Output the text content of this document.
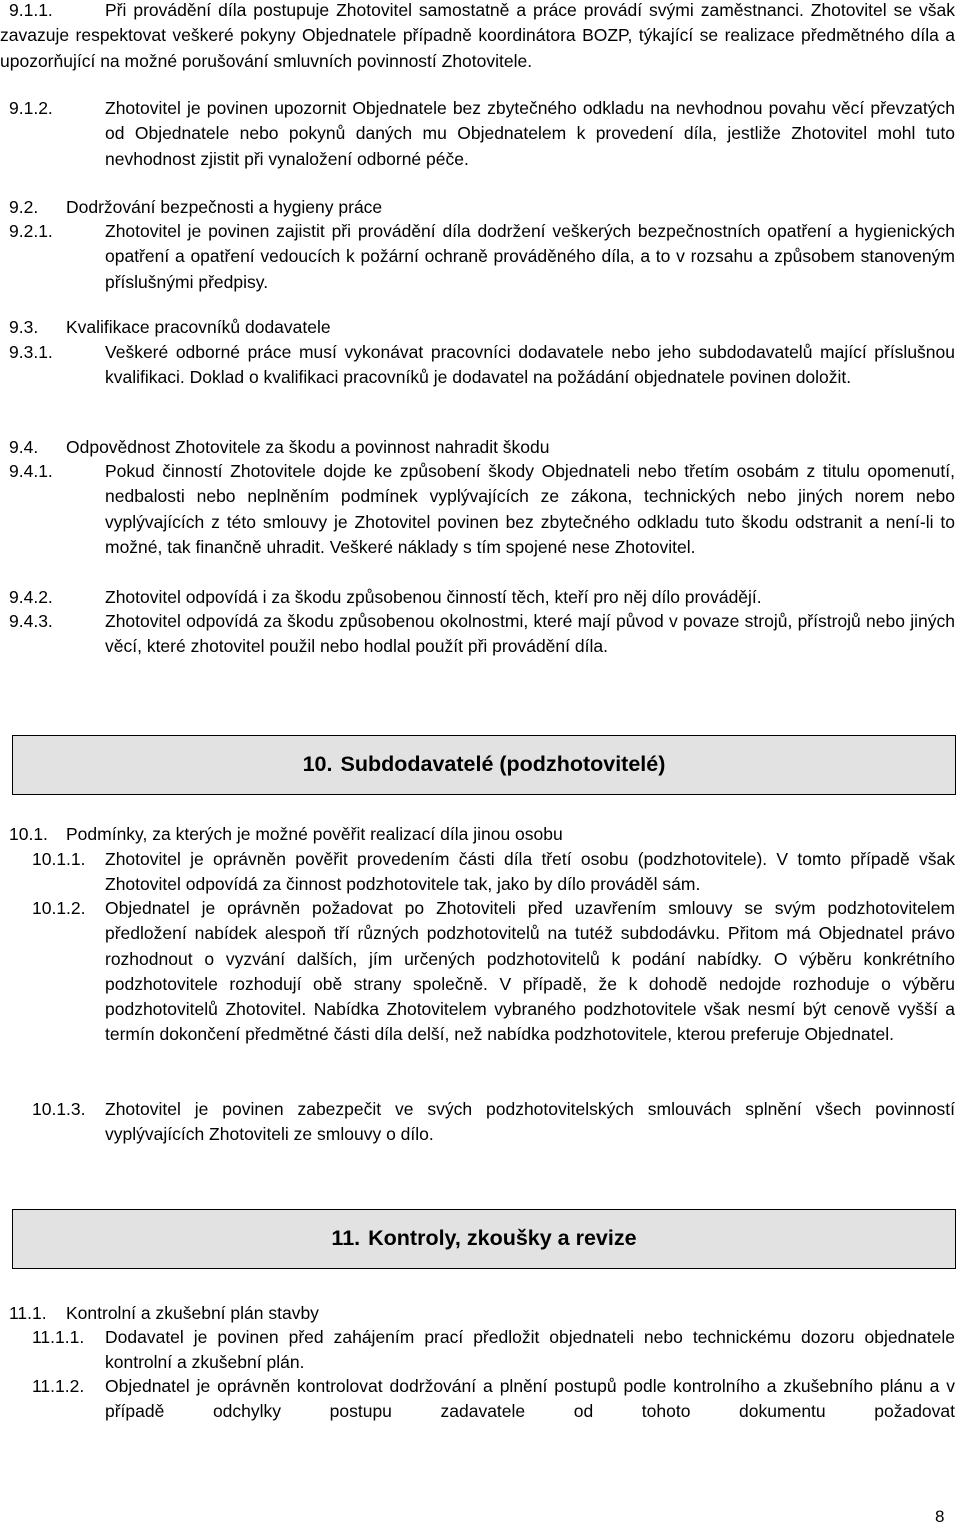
9.1.1.	Při provádění díla postupuje Zhotovitel samostatně a práce provádí svými zaměstnanci. Zhotovitel se však zavazuje respektovat veškeré pokyny Objednatele případně koordinátora BOZP, týkající se realizace předmětného díla a upozorňující na možné porušování smluvních povinností Zhotovitele.
9.1.2.	Zhotovitel je povinen upozornit Objednatele bez zbytečného odkladu na nevhodnou povahu věcí převzatých od Objednatele nebo pokynů daných mu Objednatelem k provedení díla, jestliže Zhotovitel mohl tuto nevhodnost zjistit při vynaložení odborné péče.
9.2. Dodržování bezpečnosti a hygieny práce
9.2.1.	Zhotovitel je povinen zajistit při provádění díla dodržení veškerých bezpečnostních opatření a hygienických opatření a opatření vedoucích k požární ochraně prováděného díla, a to v rozsahu a způsobem stanoveným příslušnými předpisy.
9.3. Kvalifikace pracovníků dodavatele
9.3.1.	Veškeré odborné práce musí vykonávat pracovníci dodavatele nebo jeho subdodavatelů mající příslušnou kvalifikaci. Doklad o kvalifikaci pracovníků je dodavatel na požádání objednatele povinen doložit.
9.4. Odpovědnost Zhotovitele za škodu a povinnost nahradit škodu
9.4.1.	Pokud činností Zhotovitele dojde ke způsobení škody Objednateli nebo třetím osobám z titulu opomenutí, nedbalosti nebo neplněním podmínek vyplývajících ze zákona, technických nebo jiných norem nebo vyplývajících z této smlouvy je Zhotovitel povinen bez zbytečného odkladu tuto škodu odstranit a není-li to možné, tak finančně uhradit. Veškeré náklady s tím spojené nese Zhotovitel.
9.4.2.	Zhotovitel odpovídá i za škodu způsobenou činností těch, kteří pro něj dílo provádějí.
9.4.3.	Zhotovitel odpovídá za škodu způsobenou okolnostmi, které mají původ v povaze strojů, přístrojů nebo jiných věcí, které zhotovitel použil nebo hodlal použít při provádění díla.
10. Subdodavatelé (podzhotovitelé)
10.1. Podmínky, za kterých je možné pověřit realizací díla jinou osobu
10.1.1. Zhotovitel je oprávněn pověřit provedením části díla třetí osobu (podzhotovitele). V tomto případě však Zhotovitel odpovídá za činnost podzhotovitele tak, jako by dílo prováděl sám.
10.1.2. Objednatel je oprávněn požadovat po Zhotoviteli před uzavřením smlouvy se svým podzhotovitelem předložení nabídek alespoň tří různých podzhotovitelů na tutéž subdodávku. Přitom má Objednatel právo rozhodnout o vyzvání dalších, jím určených podzhotovitelů k podání nabídky. O výběru konkrétního podzhotovitele rozhodují obě strany společně. V případě, že k dohodě nedojde rozhoduje o výběru podzhotovitelů Zhotovitel. Nabídka Zhotovitelem vybraného podzhotovitele však nesmí být cenově vyšší a termín dokončení předmětné části díla delší, než nabídka podzhotovitele, kterou preferuje Objednatel.
10.1.3. Zhotovitel je povinen zabezpečit ve svých podzhotovitelských smlouvách splnění všech povinností vyplývajících Zhotoviteli ze smlouvy o dílo.
11. Kontroly, zkoušky a revize
11.1. Kontrolní a zkušební plán stavby
11.1.1. Dodavatel je povinen před zahájením prací předložit objednateli nebo technickému dozoru objednatele kontrolní a zkušební plán.
11.1.2. Objednatel je oprávněn kontrolovat dodržování a plnění postupů podle kontrolního a zkušebního plánu a v případě odchylky postupu zadavatele od tohoto dokumentu požadovat
8
